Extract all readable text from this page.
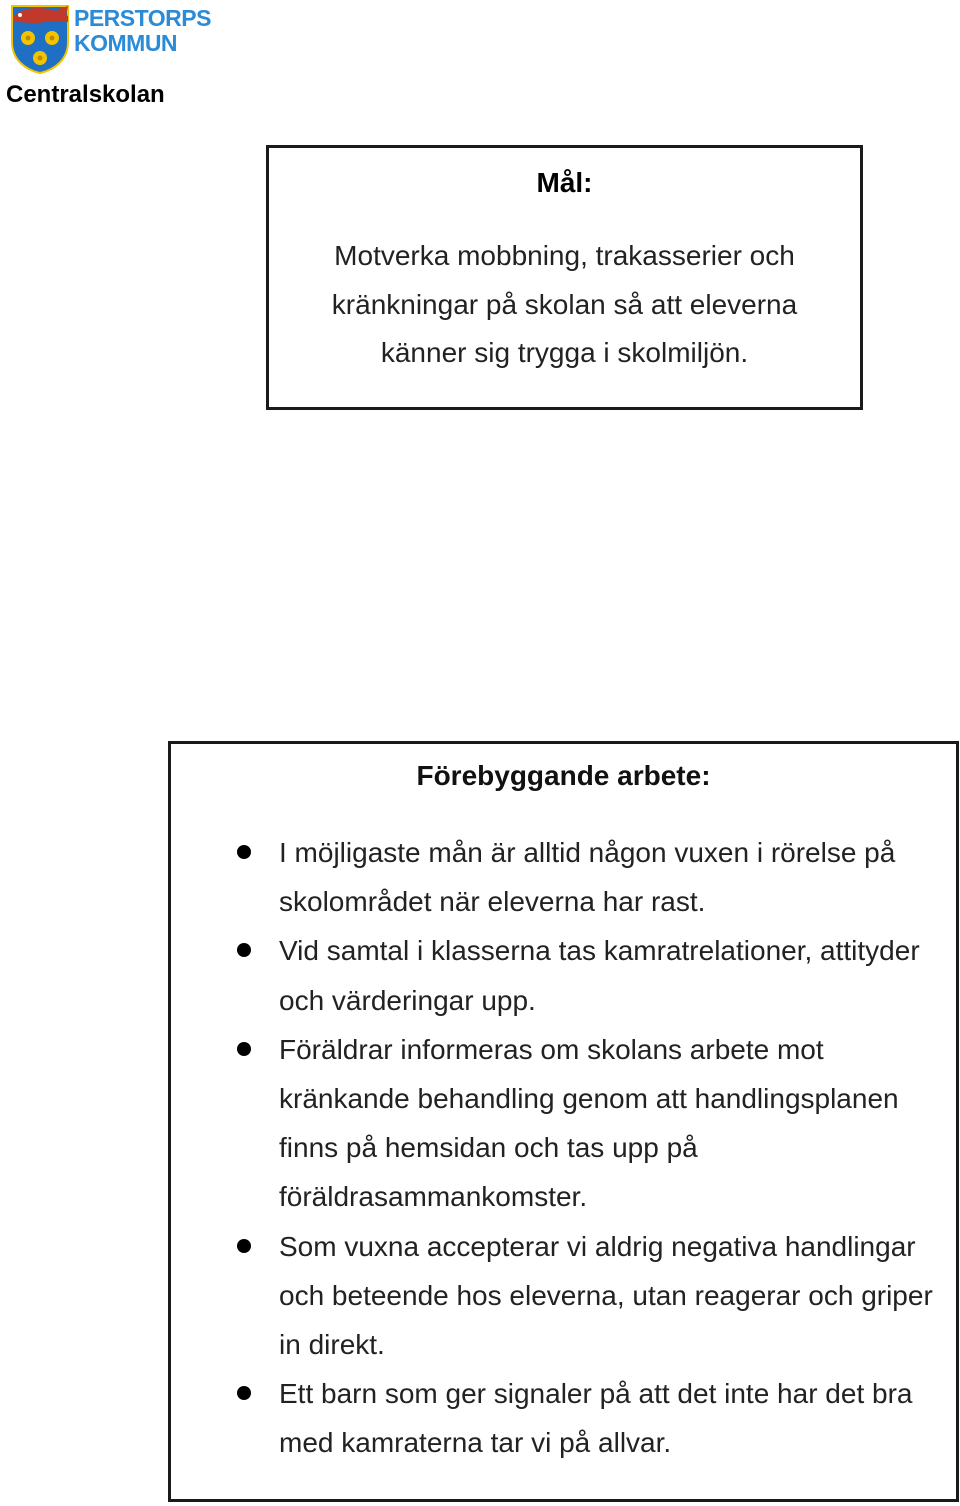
PERSTORPS
KOMMUN
Centralskolan
Mål:
Motverka mobbning, trakasserier och kränkningar på skolan så att eleverna känner sig trygga i skolmiljön.
Förebyggande arbete:
I möjligaste mån är alltid någon vuxen i rörelse på skolområdet när eleverna har rast.
Vid samtal i klasserna tas kamratrelationer, attityder och värderingar upp.
Föräldrar informeras om skolans arbete mot kränkande behandling genom att handlingsplanen finns på hemsidan och tas upp på föräldrasammankomster.
Som vuxna accepterar vi aldrig negativa handlingar och beteende hos eleverna, utan reagerar och griper in direkt.
Ett barn som ger signaler på att det inte har det bra med kamraterna tar vi på allvar.
